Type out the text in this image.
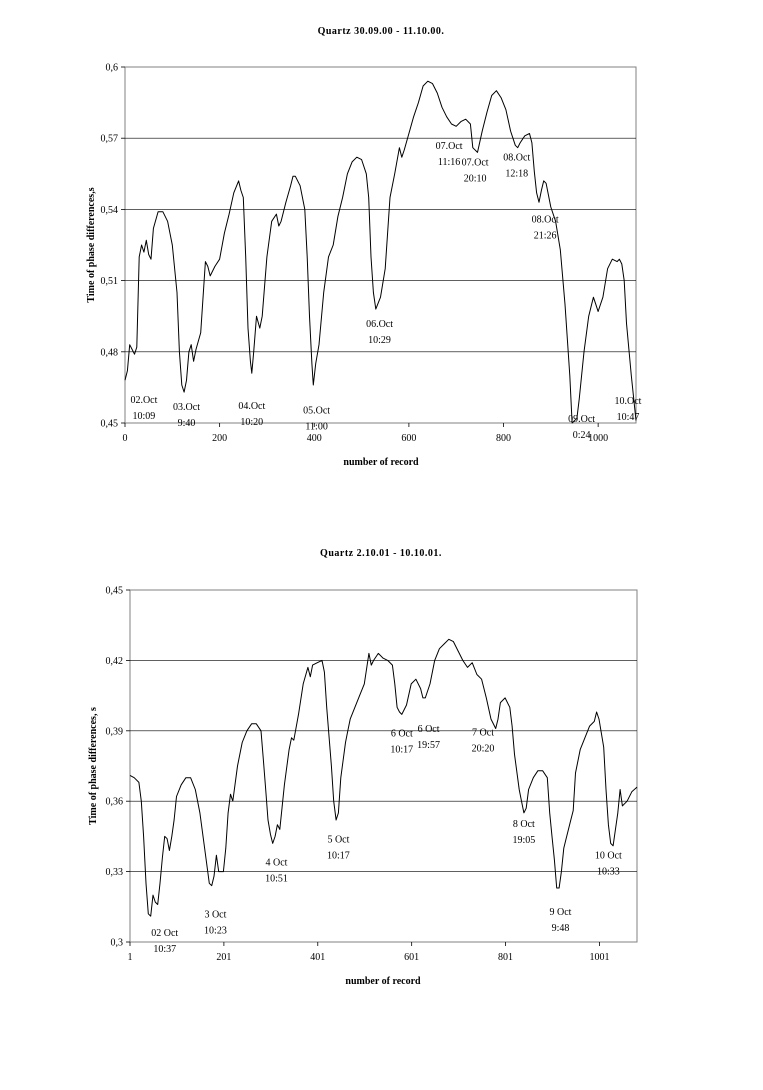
Quartz 30.09.00 - 11.10.00.
0,45
0,48
0,51
0,54
0,57
0,6
0	200	400	600	800	1000
02.Oct
10:09
03.Oct
9:40
04.Oct
10:20
05.Oct
11:00
06.Oct
10:29
07.Oct
11:16 07.Oct
20:10
08.Oct
12:18
08.Oct
21:26
09.Oct
0:24
10.Oct
10:47
number of record
Time of phase differences,s
Quartz 2.10.01 - 10.10.01.
0,3
0,33
0,36
0,39
0,42
0,45
1	201	401	601	801	1001
02 Oct
10:37
3 Oct
10:23
4 Oct
10:51
5 Oct
10:17
6 Oct
10:17
6 Oct
19:57
7 Oct
20:20
8 Oct
19:05
9 Oct
9:48
10 Oct
10:33
number of record
Time of phase differences, s
